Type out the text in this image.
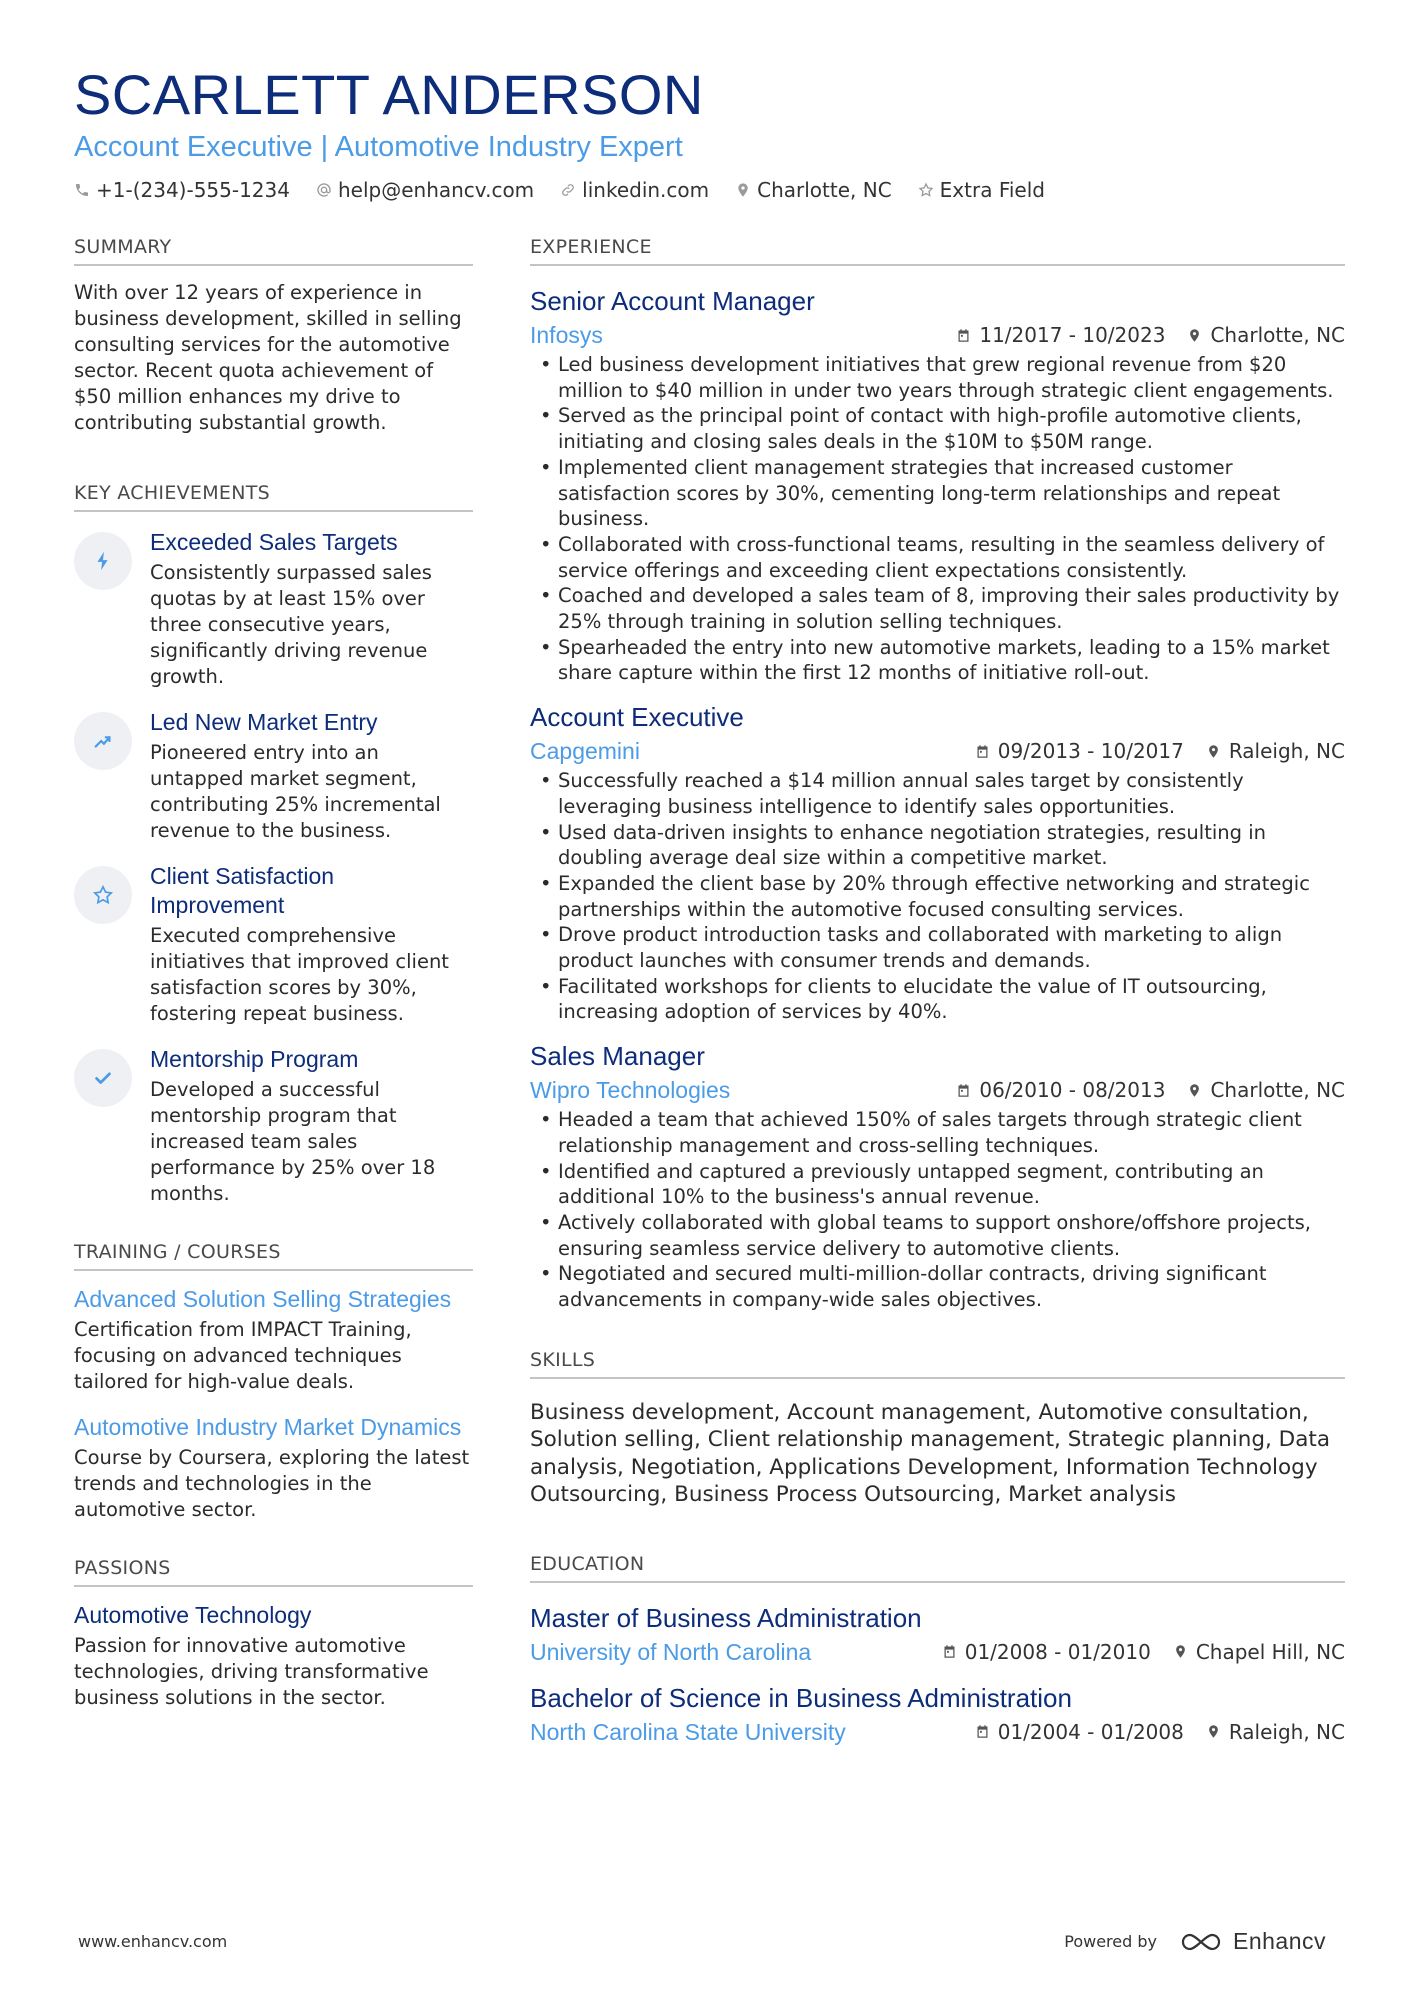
SCARLETT ANDERSON
Account Executive | Automotive Industry Expert
+1-(234)-555-1234 help@enhancv.com linkedin.com Charlotte, NC Extra Field
SUMMARY
With over 12 years of experience in business development, skilled in selling consulting services for the automotive sector. Recent quota achievement of $50 million enhances my drive to contributing substantial growth.
KEY ACHIEVEMENTS
Exceeded Sales Targets
Consistently surpassed sales quotas by at least 15% over three consecutive years, significantly driving revenue growth.
Led New Market Entry
Pioneered entry into an untapped market segment, contributing 25% incremental revenue to the business.
Client Satisfaction Improvement
Executed comprehensive initiatives that improved client satisfaction scores by 30%, fostering repeat business.
Mentorship Program
Developed a successful mentorship program that increased team sales performance by 25% over 18 months.
TRAINING / COURSES
Advanced Solution Selling Strategies
Certification from IMPACT Training, focusing on advanced techniques tailored for high-value deals.
Automotive Industry Market Dynamics
Course by Coursera, exploring the latest trends and technologies in the automotive sector.
PASSIONS
Automotive Technology
Passion for innovative automotive technologies, driving transformative business solutions in the sector.
EXPERIENCE
Senior Account Manager
Infosys	11/2017 - 10/2023 Charlotte, NC
• Led business development initiatives that grew regional revenue from $20 million to $40 million in under two years through strategic client engagements.
• Served as the principal point of contact with high-profile automotive clients, initiating and closing sales deals in the $10M to $50M range.
• Implemented client management strategies that increased customer satisfaction scores by 30%, cementing long-term relationships and repeat business.
• Collaborated with cross-functional teams, resulting in the seamless delivery of service offerings and exceeding client expectations consistently.
• Coached and developed a sales team of 8, improving their sales productivity by 25% through training in solution selling techniques.
• Spearheaded the entry into new automotive markets, leading to a 15% market share capture within the first 12 months of initiative roll-out.
Account Executive
Capgemini	09/2013 - 10/2017 Raleigh, NC
• Successfully reached a $14 million annual sales target by consistently leveraging business intelligence to identify sales opportunities.
• Used data-driven insights to enhance negotiation strategies, resulting in doubling average deal size within a competitive market.
• Expanded the client base by 20% through effective networking and strategic partnerships within the automotive focused consulting services.
• Drove product introduction tasks and collaborated with marketing to align product launches with consumer trends and demands.
• Facilitated workshops for clients to elucidate the value of IT outsourcing, increasing adoption of services by 40%.
Sales Manager
Wipro Technologies	06/2010 - 08/2013 Charlotte, NC
• Headed a team that achieved 150% of sales targets through strategic client relationship management and cross-selling techniques.
• Identified and captured a previously untapped segment, contributing an additional 10% to the business's annual revenue.
• Actively collaborated with global teams to support onshore/offshore projects, ensuring seamless service delivery to automotive clients.
• Negotiated and secured multi-million-dollar contracts, driving significant advancements in company-wide sales objectives.
SKILLS
Business development, Account management, Automotive consultation, Solution selling, Client relationship management, Strategic planning, Data analysis, Negotiation, Applications Development, Information Technology Outsourcing, Business Process Outsourcing, Market analysis
EDUCATION
Master of Business Administration
University of North Carolina	01/2008 - 01/2010 Chapel Hill, NC
Bachelor of Science in Business Administration
North Carolina State University	01/2004 - 01/2008 Raleigh, NC
www.enhancv.com	Powered by	Enhancv
